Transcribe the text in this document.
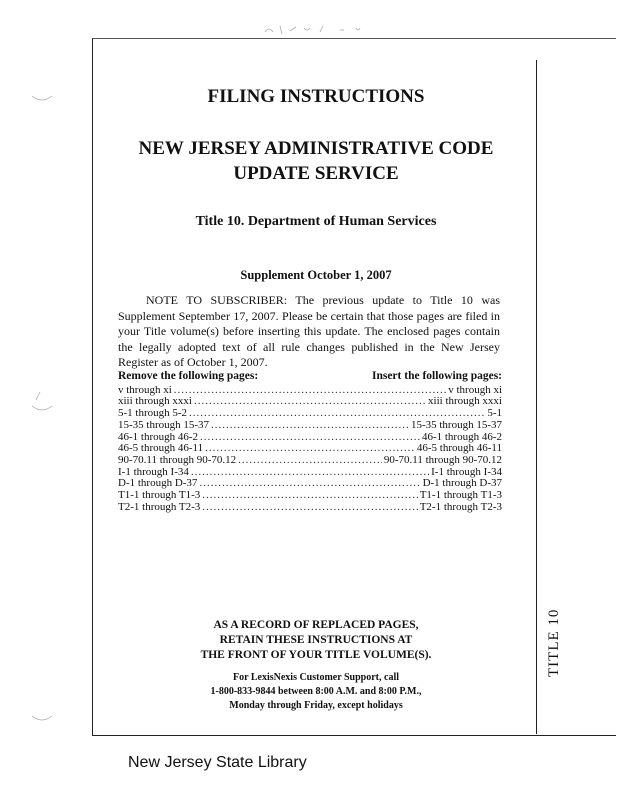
TITLE 10
FILING INSTRUCTIONS
NEW JERSEY ADMINISTRATIVE CODE
UPDATE SERVICE
Title 10. Department of Human Services
Supplement October 1, 2007
NOTE TO SUBSCRIBER: The previous update to Title 10 was Supplement September 17, 2007. Please be certain that those pages are filed in your Title volume(s) before inserting this update. The enclosed pages contain the legally adopted text of all rule changes published in the New Jersey Register as of October 1, 2007.
Remove the following pages:	Insert the following pages:
v through xi .....	v through xi
xiii through xxxi .....	xiii through xxxi
5-1 through 5-2 .....	5-1
15-35 through 15-37 .....	15-35 through 15-37
46-1 through 46-2 .....	46-1 through 46-2
46-5 through 46-11 .....	46-5 through 46-11
90-70.11 through 90-70.12 .....	90-70.11 through 90-70.12
I-1 through I-34 .....	I-1 through I-34
D-1 through D-37 .....	D-1 through D-37
T1-1 through T1-3 .....	T1-1 through T1-3
T2-1 through T2-3 .....	T2-1 through T2-3
AS A RECORD OF REPLACED PAGES,
RETAIN THESE INSTRUCTIONS AT
THE FRONT OF YOUR TITLE VOLUME(S).
For LexisNexis Customer Support, call
1-800-833-9844 between 8:00 A.M. and 8:00 P.M.,
Monday through Friday, except holidays
New Jersey State Library
